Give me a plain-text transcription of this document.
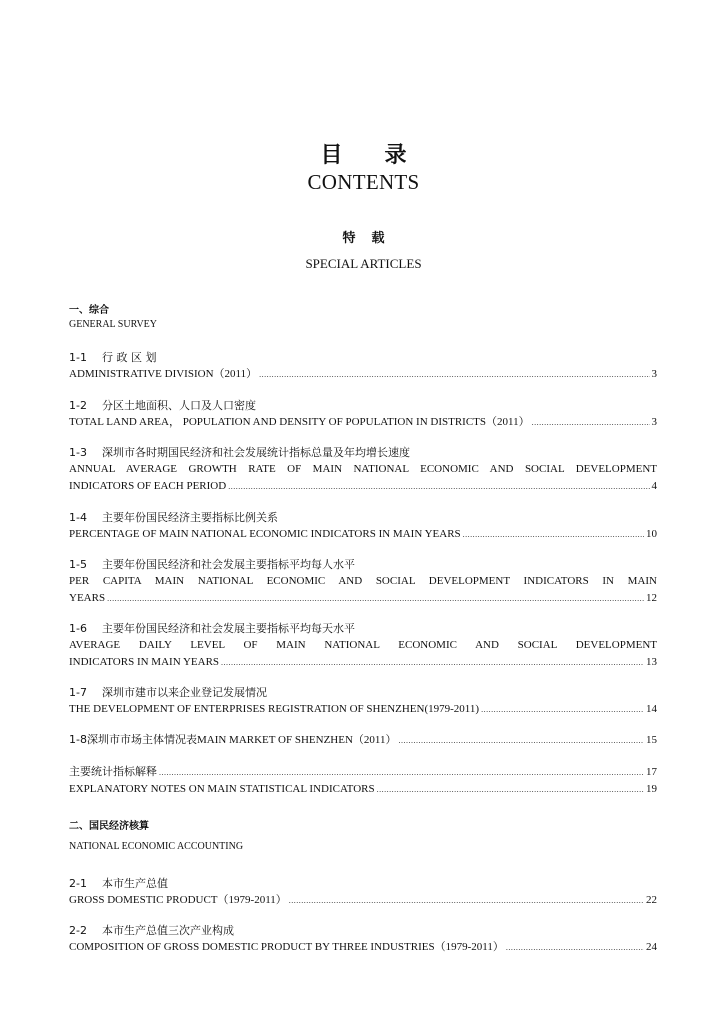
目录
CONTENTS
特载
SPECIAL ARTICLES
一、综合
GENERAL SURVEY
1-1 行 政 区 划
ADMINISTRATIVE DIVISION（2011） .....	3
1-2 分区土地面积、人口及人口密度
TOTAL LAND AREA， POPULATION AND DENSITY OF POPULATION IN DISTRICTS（2011） .....	3
1-3 深圳市各时期国民经济和社会发展统计指标总量及年均增长速度
ANNUAL AVERAGE GROWTH RATE OF MAIN NATIONAL ECONOMIC AND SOCIAL DEVELOPMENT
INDICATORS OF EACH PERIOD .....	4
1-4 主要年份国民经济主要指标比例关系
PERCENTAGE OF MAIN NATIONAL ECONOMIC INDICATORS IN MAIN YEARS .....	10
1-5 主要年份国民经济和社会发展主要指标平均每人水平
PER CAPITA MAIN NATIONAL ECONOMIC AND SOCIAL DEVELOPMENT INDICATORS IN MAIN
YEARS .....	12
1-6 主要年份国民经济和社会发展主要指标平均每天水平
AVERAGE DAILY LEVEL OF MAIN NATIONAL ECONOMIC AND SOCIAL DEVELOPMENT
INDICATORS IN MAIN YEARS .....	13
1-7 深圳市建市以来企业登记发展情况
THE DEVELOPMENT OF ENTERPRISES REGISTRATION OF SHENZHEN(1979-2011) .....	14
1-8 深圳市市场主体情况表MAIN MARKET OF SHENZHEN（2011） .....	15
主要统计指标解释 .....	17
EXPLANATORY NOTES ON MAIN STATISTICAL INDICATORS .....	19
二、国民经济核算
NATIONAL ECONOMIC ACCOUNTING
2-1 本市生产总值
GROSS DOMESTIC PRODUCT（1979-2011） .....	22
2-2 本市生产总值三次产业构成
COMPOSITION OF GROSS DOMESTIC PRODUCT BY THREE INDUSTRIES（1979-2011） .....	24
